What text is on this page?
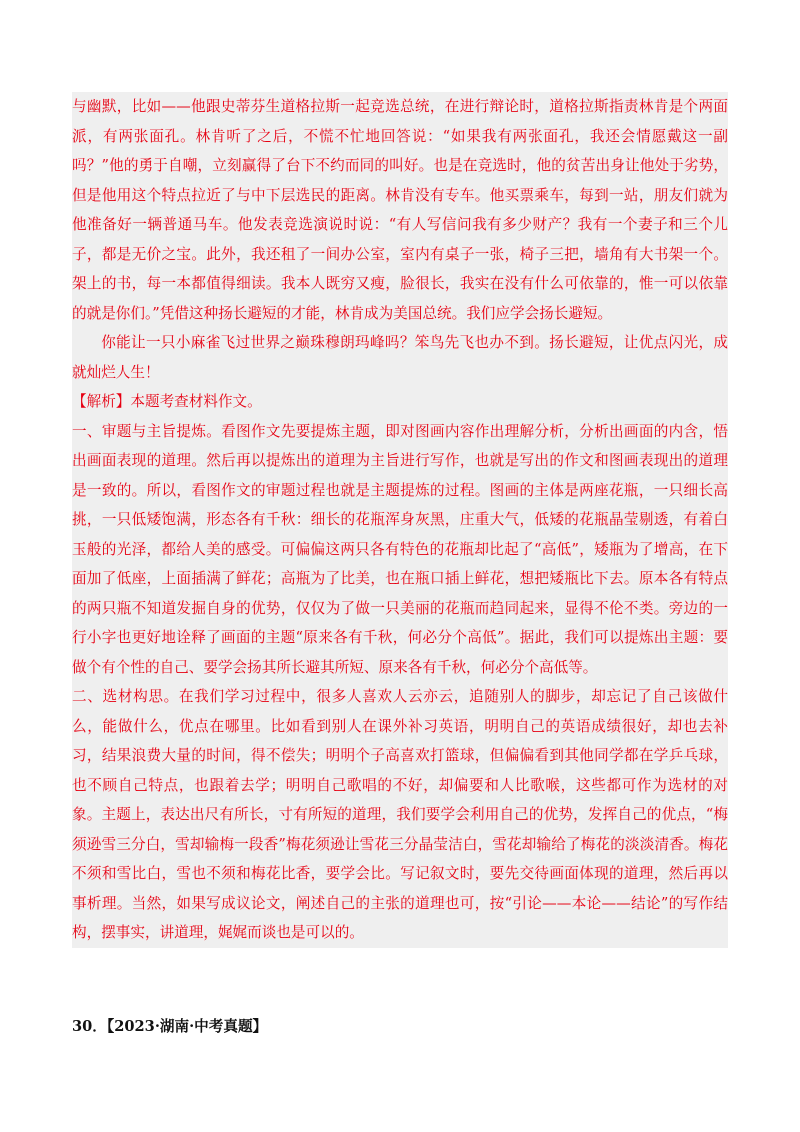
与幽默，比如——他跟史蒂芬生道格拉斯一起竞选总统，在进行辩论时，道格拉斯指责林肯是个两面派，有两张面孔。林肯听了之后，不慌不忙地回答说：“如果我有两张面孔，我还会情愿戴这一副吗？”他的勇于自嘲，立刻赢得了台下不约而同的叫好。也是在竞选时，他的贫苦出身让他处于劣势，但是他用这个特点拉近了与中下层选民的距离。林肯没有专车。他买票乘车，每到一站，朋友们就为他准备好一辆普通马车。他发表竞选演说时说：“有人写信问我有多少财产？我有一个妻子和三个儿子，都是无价之宝。此外，我还租了一间办公室，室内有桌子一张，椅子三把，墙角有大书架一个。架上的书，每一本都值得细读。我本人既穷又瘦，脸很长，我实在没有什么可依靠的，惟一可以依靠的就是你们。”凭借这种扬长避短的才能，林肯成为美国总统。我们应学会扬长避短。

你能让一只小麻雀飞过世界之巅珠穆朗玛峰吗？笨鸟先飞也办不到。扬长避短，让优点闪光，成就灿烂人生！

【解析】本题考查材料作文。

一、审题与主旨提炼。看图作文先要提炼主题，即对图画内容作出理解分析，分析出画面的内含，悟出画面表现的道理。然后再以提炼出的道理为主旨进行写作，也就是写出的作文和图画表现出的道理是一致的。所以，看图作文的审题过程也就是主题提炼的过程。图画的主体是两座花瓶，一只细长高挑，一只低矮饱满，形态各有千秋：细长的花瓶浑身灰黑，庄重大气，低矮的花瓶晶莹剔透，有着白玉般的光泽，都给人美的感受。可偏偏这两只各有特色的花瓶却比起了“高低”，矮瓶为了增高，在下面加了低座，上面插满了鲜花；高瓶为了比美，也在瓶口插上鲜花，想把矮瓶比下去。原本各有特点的两只瓶不知道发掘自身的优势，仅仅为了做一只美丽的花瓶而趋同起来，显得不伦不类。旁边的一行小字也更好地诠释了画面的主题“原来各有千秋，何必分个高低”。据此，我们可以提炼出主题：要做个有个性的自己、要学会扬其所长避其所短、原来各有千秋，何必分个高低等。

二、选材构思。在我们学习过程中，很多人喜欢人云亦云，追随别人的脚步，却忘记了自己该做什么，能做什么，优点在哪里。比如看到别人在课外补习英语，明明自己的英语成绩很好，却也去补习，结果浪费大量的时间，得不偿失；明明个子高喜欢打篮球，但偏偏看到其他同学都在学乒乓球，也不顾自己特点，也跟着去学；明明自己歌唱的不好，却偏要和人比歌喉，这些都可作为选材的对象。主题上，表达出尺有所长，寸有所短的道理，我们要学会利用自己的优势，发挥自己的优点，“梅须逊雪三分白，雪却输梅一段香”梅花须逊让雪花三分晶莹洁白，雪花却输给了梅花的淡淡清香。梅花不须和雪比白，雪也不须和梅花比香，要学会比。写记叙文时，要先交待画面体现的道理，然后再以事析理。当然，如果写成议论文，阐述自己的主张的道理也可，按“引论——本论——结论”的写作结构，摆事实，讲道理，娓娓而谈也是可以的。

30．【2023·湖南·中考真题】
